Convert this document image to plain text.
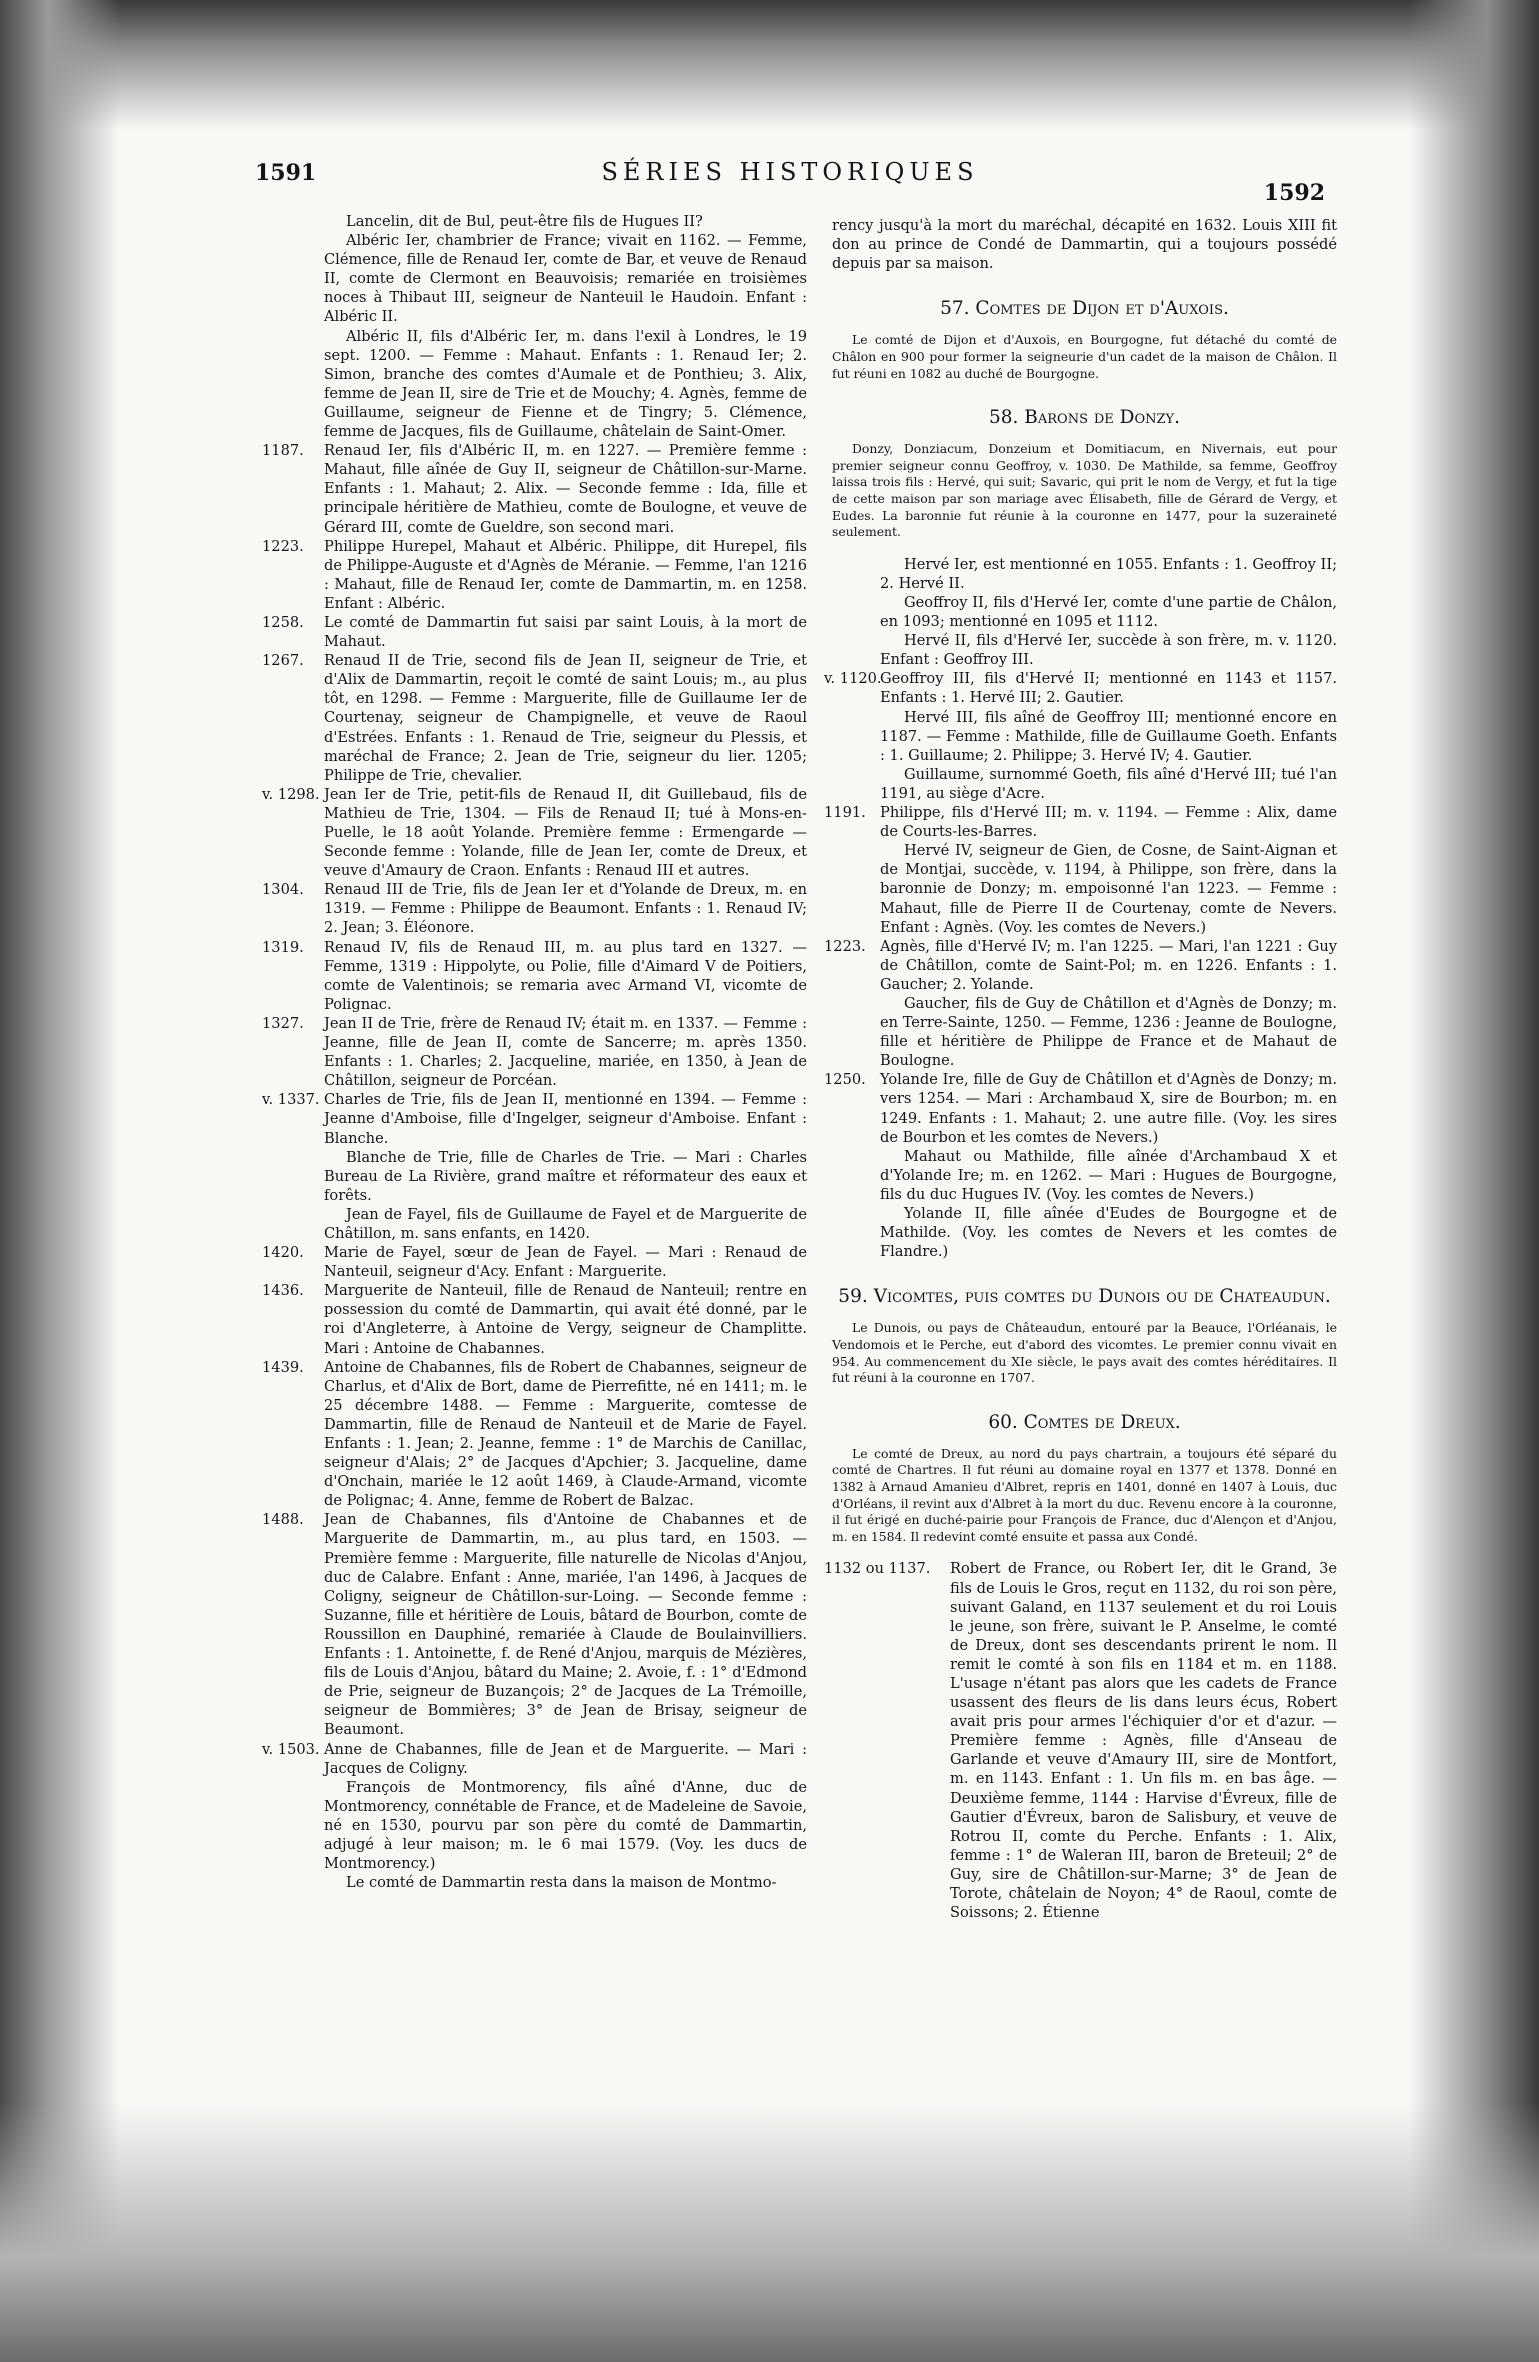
1591	SÉRIES HISTORIQUES
1592

Lancelin, dit de Bul, peut-être fils de Hugues II?

Albéric Ier, chambrier de France; vivait en 1162. — Femme, Clémence, fille de Renaud Ier, comte de Bar, et veuve de Renaud II, comte de Clermont en Beauvoisis; remariée en troisièmes noces à Thibaut III, seigneur de Nanteuil le Haudoin. Enfant : Albéric II.

Albéric II, fils d'Albéric Ier, m. dans l'exil à Londres, le 19 sept. 1200. — Femme : Mahaut. Enfants : 1. Renaud Ier; 2. Simon, branche des comtes d'Aumale et de Ponthieu; 3. Alix, femme de Jean II, sire de Trie et de Mouchy; 4. Agnès, femme de Guillaume, seigneur de Fienne et de Tingry; 5. Clémence, femme de Jacques, fils de Guillaume, châtelain de Saint-Omer.

1187. Renaud Ier, fils d'Albéric II, m. en 1227. — Première femme : Mahaut, fille aînée de Guy II, seigneur de Châtillon-sur-Marne. Enfants : 1. Mahaut; 2. Alix. — Seconde femme : Ida, fille et principale héritière de Mathieu, comte de Boulogne, et veuve de Gérard III, comte de Gueldre, son second mari.

1223. Philippe Hurepel, Mahaut et Albéric. Philippe, dit Hurepel, fils de Philippe-Auguste et d'Agnès de Méranie. — Femme, l'an 1216 : Mahaut, fille de Renaud Ier, comte de Dammartin, m. en 1258. Enfant : Albéric.

1258. Le comté de Dammartin fut saisi par saint Louis, à la mort de Mahaut.

1267. Renaud II de Trie, second fils de Jean II, seigneur de Trie, et d'Alix de Dammartin, reçoit le comté de saint Louis; m., au plus tôt, en 1298. — Femme : Marguerite, fille de Guillaume Ier de Courtenay, seigneur de Champignelle, et veuve de Raoul d'Estrées. Enfants : 1. Renaud de Trie, seigneur du Plessis, et maréchal de France; 2. Jean de Trie, seigneur du lier. 1205; Philippe de Trie, chevalier.

v. 1298. Jean Ier de Trie, petit-fils de Renaud II, dit Guillebaud, fils de Mathieu de Trie, 1304. — Fils de Renaud II; tué à Mons-en-Puelle, le 18 août Yolande. Première femme : Ermengarde — Seconde femme : Yolande, fille de Jean Ier, comte de Dreux, et veuve d'Amaury de Craon. Enfants : Renaud III et autres.

1304. Renaud III de Trie, fils de Jean Ier et d'Yolande de Dreux, m. en 1319. — Femme : Philippe de Beaumont. Enfants : 1. Renaud IV; 2. Jean; 3. Éléonore.

1319. Renaud IV, fils de Renaud III, m. au plus tard en 1327. — Femme, 1319 : Hippolyte, ou Polie, fille d'Aimard V de Poitiers, comte de Valentinois; se remaria avec Armand VI, vicomte de Polignac.

1327. Jean II de Trie, frère de Renaud IV; était m. en 1337. — Femme : Jeanne, fille de Jean II, comte de Sancerre; m. après 1350. Enfants : 1. Charles; 2. Jacqueline, mariée, en 1350, à Jean de Châtillon, seigneur de Porcéan.

v. 1337. Charles de Trie, fils de Jean II, mentionné en 1394. — Femme : Jeanne d'Amboise, fille d'Ingelger, seigneur d'Amboise. Enfant : Blanche.

Blanche de Trie, fille de Charles de Trie. — Mari : Charles Bureau de La Rivière, grand maître et réformateur des eaux et forêts.

Jean de Fayel, fils de Guillaume de Fayel et de Marguerite de Châtillon, m. sans enfants, en 1420.

1420. Marie de Fayel, sœur de Jean de Fayel. — Mari : Renaud de Nanteuil, seigneur d'Acy. Enfant : Marguerite.

1436. Marguerite de Nanteuil, fille de Renaud de Nanteuil; rentre en possession du comté de Dammartin, qui avait été donné, par le roi d'Angleterre, à Antoine de Vergy, seigneur de Champlitte. Mari : Antoine de Chabannes.

1439. Antoine de Chabannes, fils de Robert de Chabannes, seigneur de Charlus, et d'Alix de Bort, dame de Pierrefitte, né en 1411; m. le 25 décembre 1488. — Femme : Marguerite, comtesse de Dammartin, fille de Renaud de Nanteuil et de Marie de Fayel. Enfants : 1. Jean; 2. Jeanne, femme : 1° de Marchis de Canillac, seigneur d'Alais; 2° de Jacques d'Apchier; 3. Jacqueline, dame d'Onchain, mariée le 12 août 1469, à Claude-Armand, vicomte de Polignac; 4. Anne, femme de Robert de Balzac.

1488. Jean de Chabannes, fils d'Antoine de Chabannes et de Marguerite de Dammartin, m., au plus tard, en 1503. — Première femme : Marguerite, fille naturelle de Nicolas d'Anjou, duc de Calabre. Enfant : Anne, mariée, l'an 1496, à Jacques de Coligny, seigneur de Châtillon-sur-Loing. — Seconde femme : Suzanne, fille et héritière de Louis, bâtard de Bourbon, comte de Roussillon en Dauphiné, remariée à Claude de Boulainvilliers. Enfants : 1. Antoinette, f. de René d'Anjou, marquis de Mézières, fils de Louis d'Anjou, bâtard du Maine; 2. Avoie, f. : 1° d'Edmond de Prie, seigneur de Buzançois; 2° de Jacques de La Trémoille, seigneur de Bommières; 3° de Jean de Brisay, seigneur de Beaumont.

v. 1503. Anne de Chabannes, fille de Jean et de Marguerite. — Mari : Jacques de Coligny.

François de Montmorency, fils aîné d'Anne, duc de Montmorency, connétable de France, et de Madeleine de Savoie, né en 1530, pourvu par son père du comté de Dammartin, adjugé à leur maison; m. le 6 mai 1579. (Voy. les ducs de Montmorency.)

Le comté de Dammartin resta dans la maison de Montmo-

rency jusqu'à la mort du maréchal, décapité en 1632. Louis XIII fit don au prince de Condé de Dammartin, qui a toujours possédé depuis par sa maison.

57. Comtes de Dijon et d'Auxois.

Le comté de Dijon et d'Auxois, en Bourgogne, fut détaché du comté de Châlon en 900 pour former la seigneurie d'un cadet de la maison de Châlon. Il fut réuni en 1082 au duché de Bourgogne.

58. Barons de Donzy.

Donzy, Donziacum, Donzeium et Domitiacum, en Nivernais, eut pour premier seigneur connu Geoffroy, v. 1030. De Mathilde, sa femme, Geoffroy laissa trois fils : Hervé, qui suit; Savaric, qui prit le nom de Vergy, et fut la tige de cette maison par son mariage avec Élisabeth, fille de Gérard de Vergy, et Eudes. La baronnie fut réunie à la couronne en 1477, pour la suzeraineté seulement.

Hervé Ier, est mentionné en 1055. Enfants : 1. Geoffroy II; 2. Hervé II.

Geoffroy II, fils d'Hervé Ier, comte d'une partie de Châlon, en 1093; mentionné en 1095 et 1112.

Hervé II, fils d'Hervé Ier, succède à son frère, m. v. 1120. Enfant : Geoffroy III.

v. 1120.

Geoffroy III, fils d'Hervé II; mentionné en 1143 et 1157. Enfants : 1. Hervé III; 2. Gautier.

Hervé III, fils aîné de Geoffroy III; mentionné encore en 1187. — Femme : Mathilde, fille de Guillaume Goeth. Enfants : 1. Guillaume; 2. Philippe; 3. Hervé IV; 4. Gautier.

Guillaume, surnommé Goeth, fils aîné d'Hervé III; tué l'an 1191, au siège d'Acre.

1191. Philippe, fils d'Hervé III; m. v. 1194. — Femme : Alix, dame de Courts-les-Barres.

Hervé IV, seigneur de Gien, de Cosne, de Saint-Aignan et de Montjai, succède, v. 1194, à Philippe, son frère, dans la baronnie de Donzy; m. empoisonné l'an 1223. — Femme : Mahaut, fille de Pierre II de Courtenay, comte de Nevers. Enfant : Agnès. (Voy. les comtes de Nevers.)

1223. Agnès, fille d'Hervé IV; m. l'an 1225. — Mari, l'an 1221 : Guy de Châtillon, comte de Saint-Pol; m. en 1226. Enfants : 1. Gaucher; 2. Yolande.

Gaucher, fils de Guy de Châtillon et d'Agnès de Donzy; m. en Terre-Sainte, 1250. — Femme, 1236 : Jeanne de Boulogne, fille et héritière de Philippe de France et de Mahaut de Boulogne.

1250. Yolande Ire, fille de Guy de Châtillon et d'Agnès de Donzy; m. vers 1254. — Mari : Archambaud X, sire de Bourbon; m. en 1249. Enfants : 1. Mahaut; 2. une autre fille. (Voy. les sires de Bourbon et les comtes de Nevers.)

Mahaut ou Mathilde, fille aînée d'Archambaud X et d'Yolande Ire; m. en 1262. — Mari : Hugues de Bourgogne, fils du duc Hugues IV. (Voy. les comtes de Nevers.)

Yolande II, fille aînée d'Eudes de Bourgogne et de Mathilde. (Voy. les comtes de Nevers et les comtes de Flandre.)

59. Vicomtes, puis comtes du Dunois ou de Chateaudun.

Le Dunois, ou pays de Châteaudun, entouré par la Beauce, l'Orléanais, le Vendomois et le Perche, eut d'abord des vicomtes. Le premier connu vivait en 954. Au commencement du XIe siècle, le pays avait des comtes héréditaires. Il fut réuni à la couronne en 1707.

60. Comtes de Dreux.

Le comté de Dreux, au nord du pays chartrain, a toujours été séparé du comté de Chartres. Il fut réuni au domaine royal en 1377 et 1378. Donné en 1382 à Arnaud Amanieu d'Albret, repris en 1401, donné en 1407 à Louis, duc d'Orléans, il revint aux d'Albret à la mort du duc. Revenu encore à la couronne, il fut érigé en duché-pairie pour François de France, duc d'Alençon et d'Anjou, m. en 1584. Il redevint comté ensuite et passa aux Condé.

1132 ou 1137. Robert de France, ou Robert Ier, dit le Grand, 3e fils de Louis le Gros, reçut en 1132, du roi son père, suivant Galand, en 1137 seulement et du roi Louis le jeune, son frère, suivant le P. Anselme, le comté de Dreux, dont ses descendants prirent le nom. Il remit le comté à son fils en 1184 et m. en 1188. L'usage n'étant pas alors que les cadets de France usassent des fleurs de lis dans leurs écus, Robert avait pris pour armes l'échiquier d'or et d'azur. — Première femme : Agnès, fille d'Anseau de Garlande et veuve d'Amaury III, sire de Montfort, m. en 1143. Enfant : 1. Un fils m. en bas âge. — Deuxième femme, 1144 : Harvise d'Évreux, fille de Gautier d'Évreux, baron de Salisbury, et veuve de Rotrou II, comte du Perche. Enfants : 1. Alix, femme : 1° de Waleran III, baron de Breteuil; 2° de Guy, sire de Châtillon-sur-Marne; 3° de Jean de Torote, châtelain de Noyon; 4° de Raoul, comte de Soissons; 2. Étienne
